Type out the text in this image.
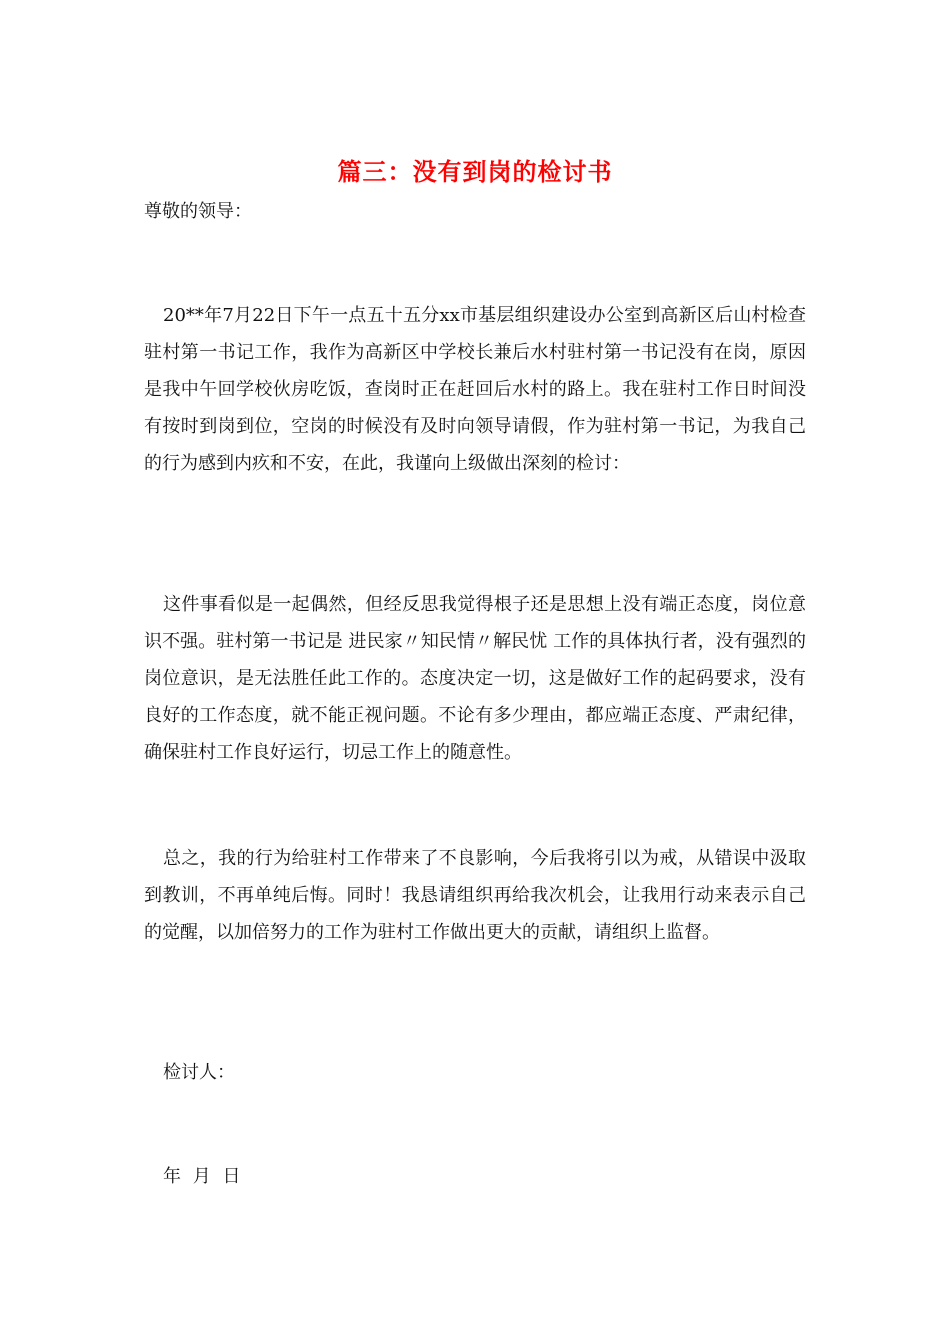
篇三：没有到岗的检讨书
尊敬的领导：

20**年7月22日下午一点五十五分xx市基层组织建设办公室到高新区后山村检查驻村第一书记工作，我作为高新区中学校长兼后水村驻村第一书记没有在岗，原因是我中午回学校伙房吃饭，查岗时正在赶回后水村的路上。我在驻村工作日时间没有按时到岗到位，空岗的时候没有及时向领导请假，作为驻村第一书记，为我自己的行为感到内疚和不安，在此，我谨向上级做出深刻的检讨：

这件事看似是一起偶然，但经反思我觉得根子还是思想上没有端正态度，岗位意识不强。驻村第一书记是 进民家〃知民情〃解民忧 工作的具体执行者，没有强烈的岗位意识，是无法胜任此工作的。态度决定一切，这是做好工作的起码要求，没有良好的工作态度，就不能正视问题。不论有多少理由，都应端正态度、严肃纪律，确保驻村工作良好运行，切忌工作上的随意性。

总之，我的行为给驻村工作带来了不良影响，今后我将引以为戒，从错误中汲取到教训，不再单纯后悔。同时！我恳请组织再给我次机会，让我用行动来表示自己的觉醒，以加倍努力的工作为驻村工作做出更大的贡献，请组织上监督。

检讨人：
年 月 日
